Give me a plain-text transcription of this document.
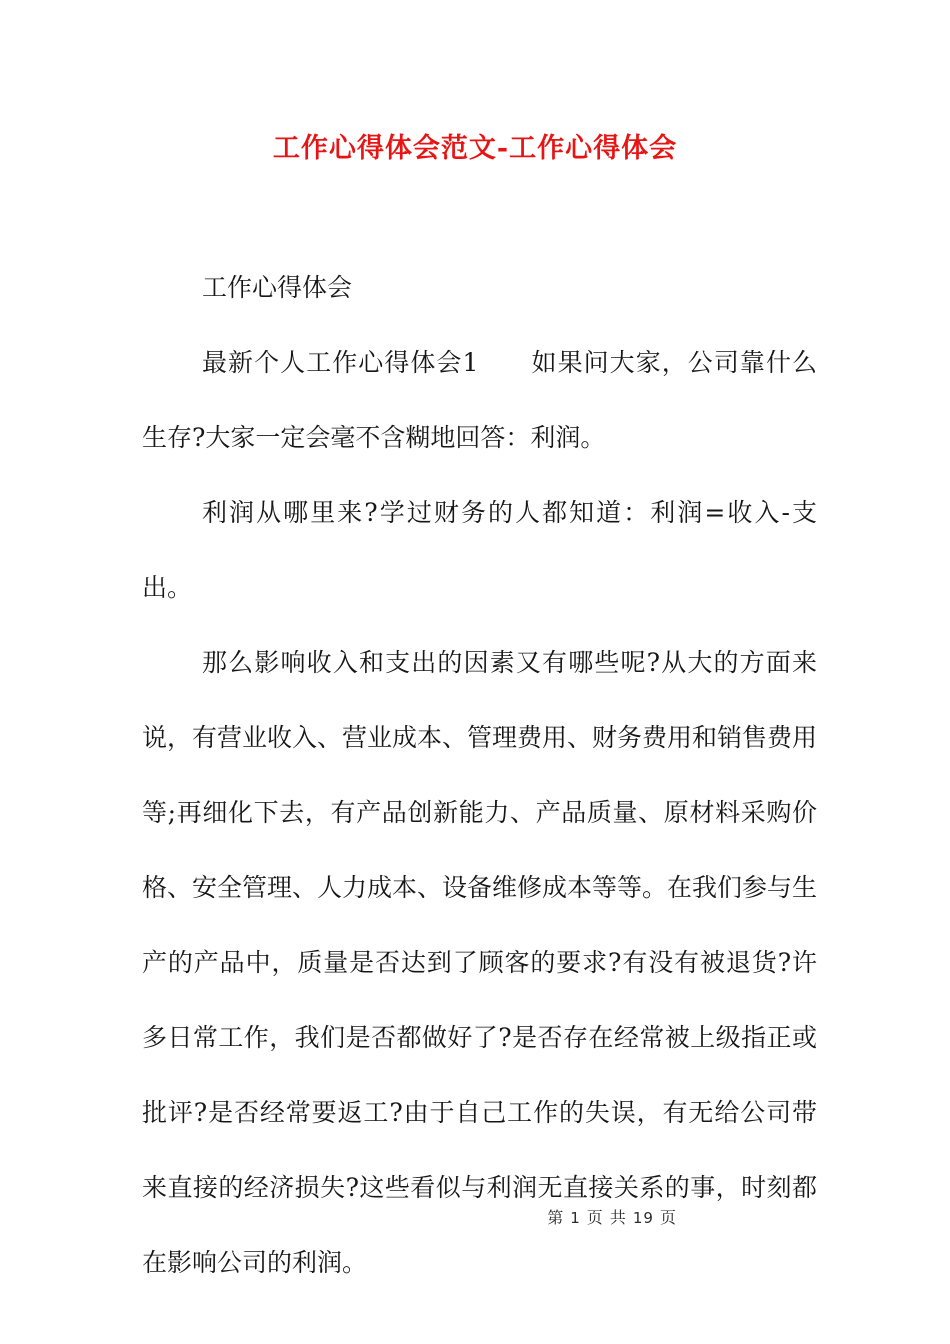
工作心得体会范文-工作心得体会

工作心得体会

最新个人工作心得体会1　　如果问大家，公司靠什么生存?大家一定会毫不含糊地回答：利润。

利润从哪里来?学过财务的人都知道：利润=收入-支出。

那么影响收入和支出的因素又有哪些呢?从大的方面来说，有营业收入、营业成本、管理费用、财务费用和销售费用等;再细化下去，有产品创新能力、产品质量、原材料采购价格、安全管理、人力成本、设备维修成本等等。在我们参与生产的产品中，质量是否达到了顾客的要求?有没有被退货?许多日常工作，我们是否都做好了?是否存在经常被上级指正或批评?是否经常要返工?由于自己工作的失误，有无给公司带来直接的经济损失?这些看似与利润无直接关系的事，时刻都在影响公司的利润。

第 1 页 共 19 页
